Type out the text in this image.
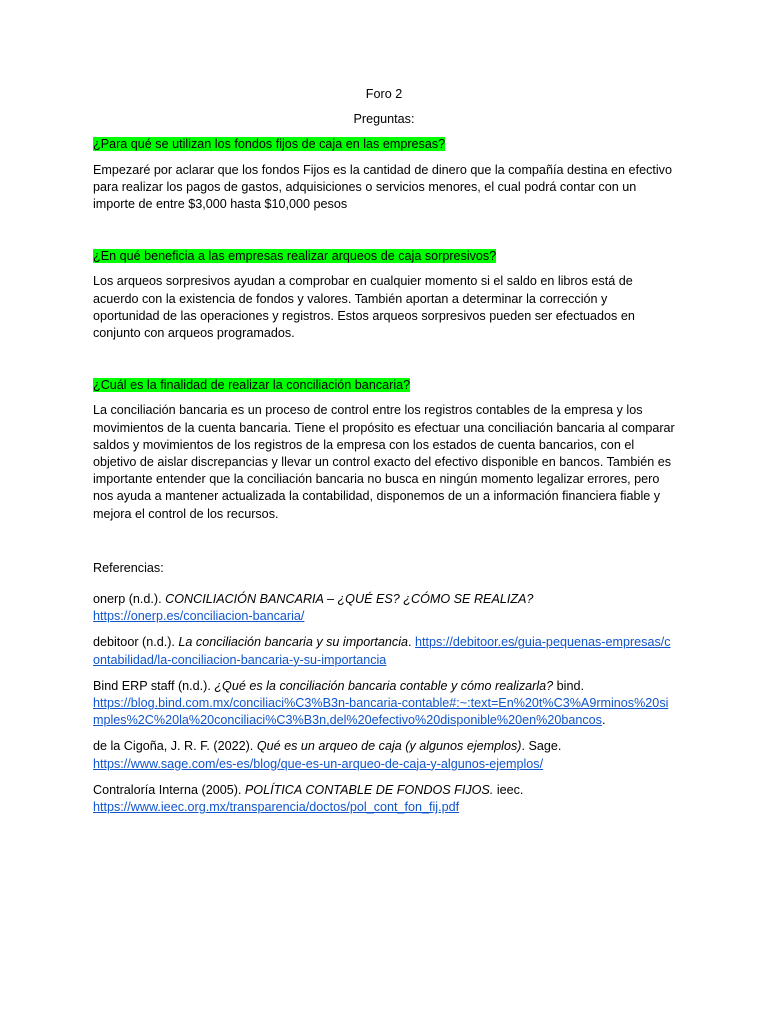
Foro 2

Preguntas:

¿Para qué se utilizan los fondos fijos de caja en las empresas?

Empezaré por aclarar que los fondos Fijos es la cantidad de dinero que la compañía destina en efectivo para realizar los pagos de gastos, adquisiciones o servicios menores, el cual podrá contar con un importe de entre $3,000 hasta $10,000 pesos

¿En qué beneficia a las empresas realizar arqueos de caja sorpresivos?

Los arqueos sorpresivos ayudan a comprobar en cualquier momento si el saldo en libros está de acuerdo con la existencia de fondos y valores. También aportan a determinar la corrección y oportunidad de las operaciones y registros. Estos arqueos sorpresivos pueden ser efectuados en conjunto con arqueos programados.

¿Cuál es la finalidad de realizar la conciliación bancaria?

La conciliación bancaria es un proceso de control entre los registros contables de la empresa y los movimientos de la cuenta bancaria. Tiene el propósito es efectuar una conciliación bancaria al comparar saldos y movimientos de los registros de la empresa con los estados de cuenta bancarios, con el objetivo de aislar discrepancias y llevar un control exacto del efectivo disponible en bancos. También es importante entender que la conciliación bancaria no busca en ningún momento legalizar errores, pero nos ayuda a mantener actualizada la contabilidad, disponemos de un a información financiera fiable y mejora el control de los recursos.

Referencias:

onerp (n.d.). CONCILIACIÓN BANCARIA – ¿QUÉ ES? ¿CÓMO SE REALIZA?
https://onerp.es/conciliacion-bancaria/

debitoor (n.d.). La conciliación bancaria y su importancia. https://debitoor.es/guia-pequenas-empresas/contabilidad/la-conciliacion-bancaria-y-su-importancia

Bind ERP staff (n.d.). ¿Qué es la conciliación bancaria contable y cómo realizarla? bind.
https://blog.bind.com.mx/conciliaci%C3%B3n-bancaria-contable#:~:text=En%20t%C3%A9rminos%20simples%2C%20la%20conciliaci%C3%B3n,del%20efectivo%20disponible%20en%20bancos.

de la Cigoña, J. R. F. (2022). Qué es un arqueo de caja (y algunos ejemplos). Sage.
https://www.sage.com/es-es/blog/que-es-un-arqueo-de-caja-y-algunos-ejemplos/

Contraloría Interna (2005). POLÍTICA CONTABLE DE FONDOS FIJOS. ieec.
https://www.ieec.org.mx/transparencia/doctos/pol_cont_fon_fij.pdf
